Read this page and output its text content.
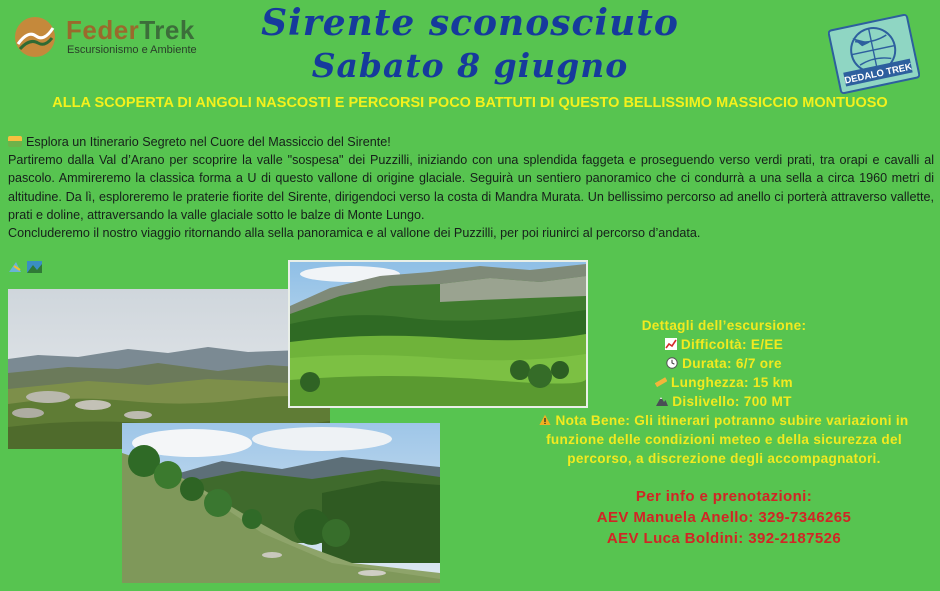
FederTrek
Escursionismo e Ambiente
Sirente sconosciuto
Sabato 8 giugno	DEDALO TREK
ALLA SCOPERTA DI ANGOLI NASCOSTI E PERCORSI POCO BATTUTI DI QUESTO BELLISSIMO MASSICCIO MONTUOSO

Esplora un Itinerario Segreto nel Cuore del Massiccio del Sirente!

Partiremo dalla Val d’Arano per scoprire la valle "sospesa" dei Puzzilli, iniziando con una splendida faggeta e proseguendo verso verdi prati, tra orapi e cavalli al pascolo. Ammireremo la classica forma a U di questo vallone di origine glaciale. Seguirà un sentiero panoramico che ci condurrà a una sella a circa 1960 metri di altitudine. Da lì, esploreremo le praterie fiorite del Sirente, dirigendoci verso la costa di Mandra Murata. Un bellissimo percorso ad anello ci porterà attraverso vallette, prati e doline, attraversando la valle glaciale sotto le balze di Monte Lungo.

Concluderemo il nostro viaggio ritornando alla sella panoramica e al vallone dei Puzzilli, per poi riunirci al percorso d’andata.

Dettagli dell’escursione:
Difficoltà: E/EE
Durata: 6/7 ore
Lunghezza: 15 km
Dislivello: 700 MT
Nota Bene: Gli itinerari potranno subire variazioni in funzione delle condizioni meteo e della sicurezza del percorso, a discrezione degli accompagnatori.
Per info e prenotazioni:
AEV Manuela Anello: 329-7346265
AEV Luca Boldini: 392-2187526
